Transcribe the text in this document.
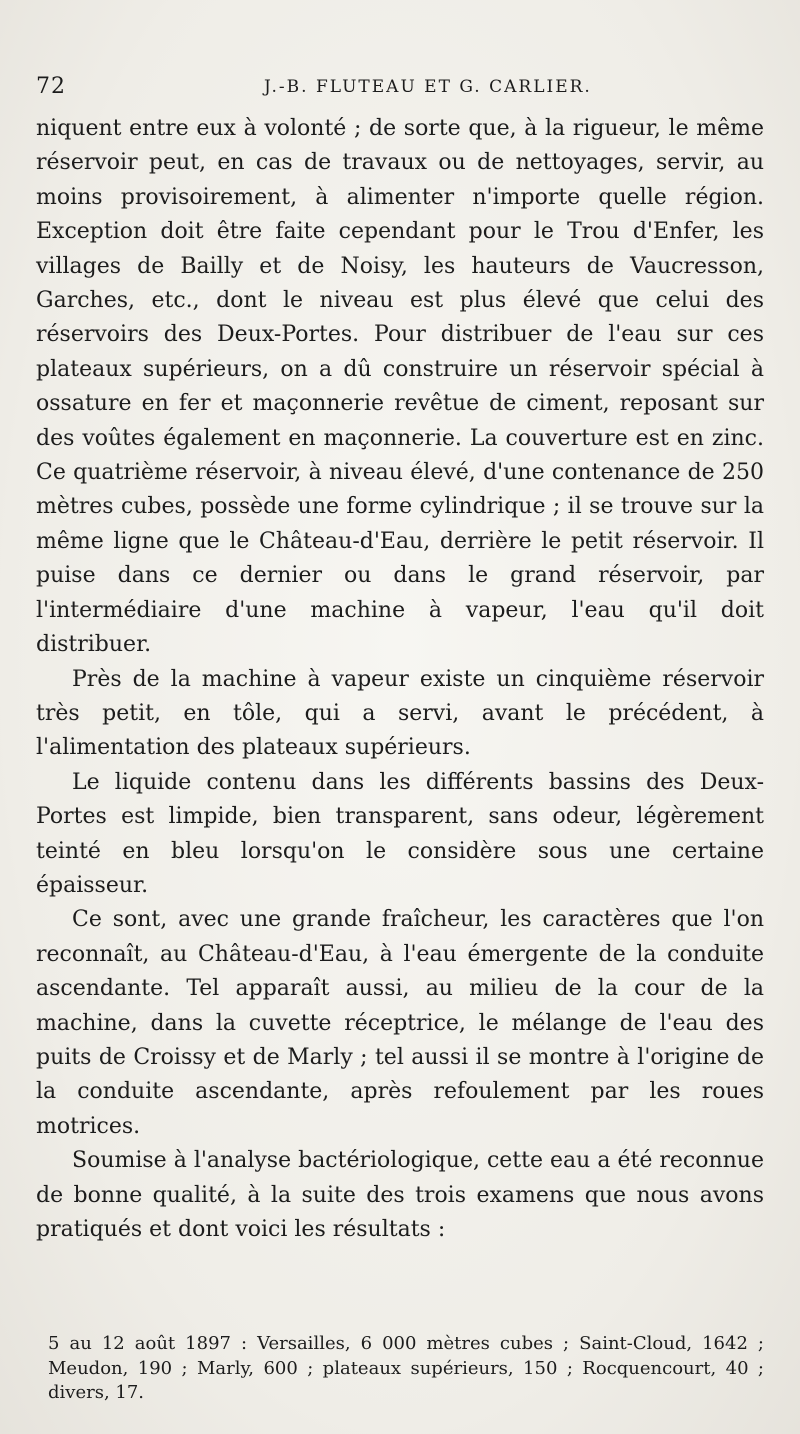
72	J.-B. FLUTEAU ET G. CARLIER.

niquent entre eux à volonté ; de sorte que, à la rigueur, le même réservoir peut, en cas de travaux ou de nettoyages, servir, au moins provisoirement, à alimenter n'importe quelle région. Exception doit être faite cependant pour le Trou d'Enfer, les villages de Bailly et de Noisy, les hauteurs de Vaucresson, Garches, etc., dont le niveau est plus élevé que celui des réservoirs des Deux-Portes. Pour distribuer de l'eau sur ces plateaux supérieurs, on a dû construire un réservoir spécial à ossature en fer et maçonnerie revêtue de ciment, reposant sur des voûtes également en maçonnerie. La couverture est en zinc. Ce quatrième réservoir, à niveau élevé, d'une contenance de 250 mètres cubes, possède une forme cylindrique ; il se trouve sur la même ligne que le Château-d'Eau, derrière le petit réservoir. Il puise dans ce dernier ou dans le grand réservoir, par l'intermédiaire d'une machine à vapeur, l'eau qu'il doit distribuer.

Près de la machine à vapeur existe un cinquième réservoir très petit, en tôle, qui a servi, avant le précédent, à l'alimentation des plateaux supérieurs.

Le liquide contenu dans les différents bassins des Deux-Portes est limpide, bien transparent, sans odeur, légèrement teinté en bleu lorsqu'on le considère sous une certaine épaisseur.

Ce sont, avec une grande fraîcheur, les caractères que l'on reconnaît, au Château-d'Eau, à l'eau émergente de la conduite ascendante. Tel apparaît aussi, au milieu de la cour de la machine, dans la cuvette réceptrice, le mélange de l'eau des puits de Croissy et de Marly ; tel aussi il se montre à l'origine de la conduite ascendante, après refoulement par les roues motrices.

Soumise à l'analyse bactériologique, cette eau a été reconnue de bonne qualité, à la suite des trois examens que nous avons pratiqués et dont voici les résultats :

5 au 12 août 1897 : Versailles, 6 000 mètres cubes ; Saint-Cloud, 1642 ; Meudon, 190 ; Marly, 600 ; plateaux supérieurs, 150 ; Rocquencourt, 40 ; divers, 17.
